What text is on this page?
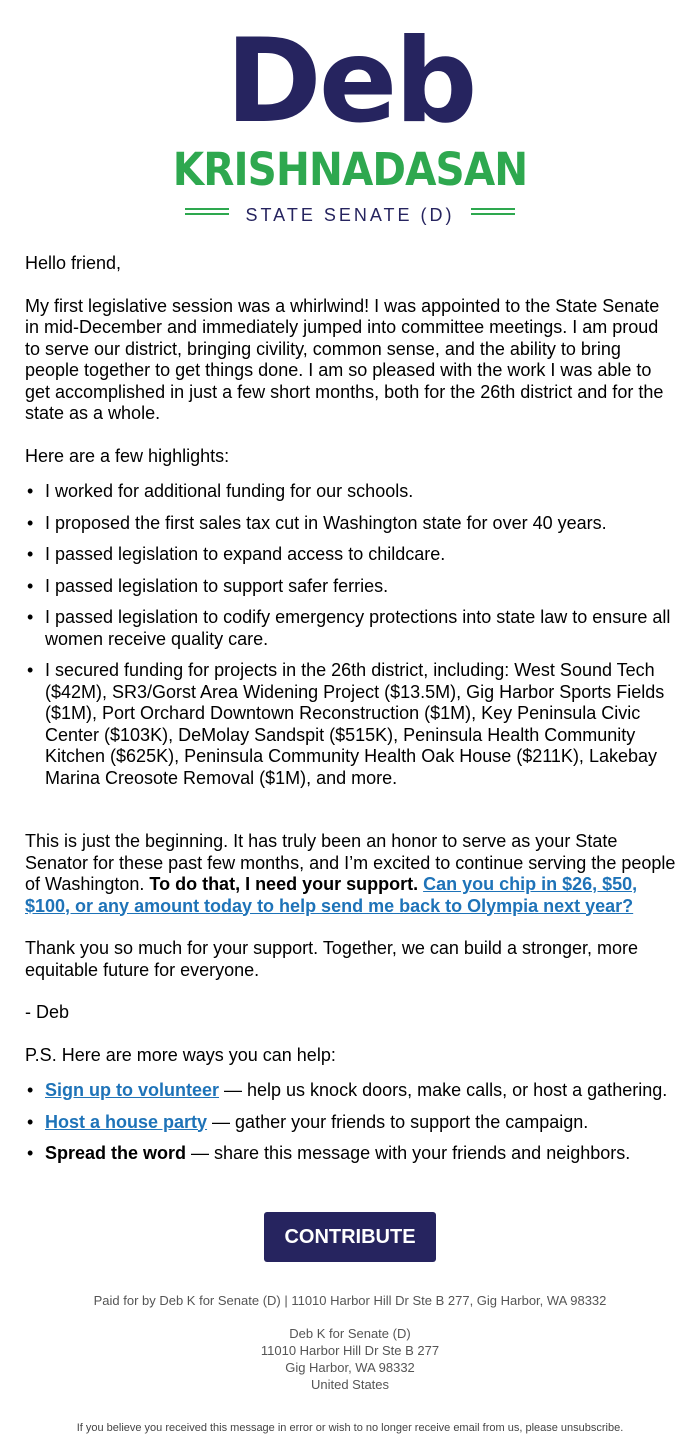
Deb
KRISHNADASAN
STATE SENATE (D)

Hello friend,

My first legislative session was a whirlwind! I was appointed to the State Senate in mid-December and immediately jumped into committee meetings. I am proud to serve our district, bringing civility, common sense, and the ability to bring people together to get things done. I am so pleased with the work I was able to get accomplished in just a few short months, both for the 26th district and for the state as a whole.

Here are a few highlights:

• I worked for additional funding for our schools.
• I proposed the first sales tax cut in Washington state for over 40 years.
• I passed legislation to expand access to childcare.
• I passed legislation to support safer ferries.
• I passed legislation to codify emergency protections into state law to ensure all women receive quality care.
• I secured funding for projects in the 26th district, including: West Sound Tech ($42M), SR3/Gorst Area Widening Project ($13.5M), Gig Harbor Sports Fields ($1M), Port Orchard Downtown Reconstruction ($1M), Key Peninsula Civic Center ($103K), DeMolay Sandspit ($515K), Peninsula Health Community Kitchen ($625K), Peninsula Community Health Oak House ($211K), Lakebay Marina Creosote Removal ($1M), and more.

This is just the beginning. It has truly been an honor to serve as your State Senator for these past few months, and I’m excited to continue serving the people of Washington. To do that, I need your support. Can you chip in $26, $50, $100, or any amount today to help send me back to Olympia next year?

Thank you so much for your support. Together, we can build a stronger, more equitable future for everyone.

- Deb

P.S. Here are more ways you can help:

• Sign up to volunteer — help us knock doors, make calls, or host a gathering.
• Host a house party — gather your friends to support the campaign.
• Spread the word — share this message with your friends and neighbors.
CONTRIBUTE
Paid for by Deb K for Senate (D) | 11010 Harbor Hill Dr Ste B 277, Gig Harbor, WA 98332
Deb K for Senate (D)
11010 Harbor Hill Dr Ste B 277
Gig Harbor, WA 98332
United States
If you believe you received this message in error or wish to no longer receive email from us, please unsubscribe.
